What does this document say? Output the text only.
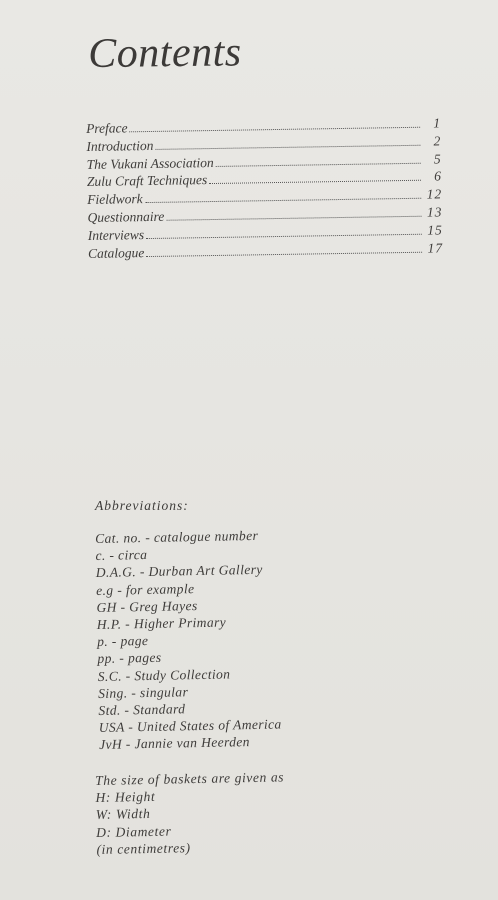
Contents
Preface	1
Introduction	2
The Vukani Association	5
Zulu Craft Techniques	6
Fieldwork	12
Questionnaire	13
Interviews	15
Catalogue	17
Abbreviations:
Cat. no. - catalogue number
c. - circa
D.A.G. - Durban Art Gallery
e.g - for example
GH - Greg Hayes
H.P. - Higher Primary
p. - page
pp. - pages
S.C. - Study Collection
Sing. - singular
Std. - Standard
USA - United States of America
JvH - Jannie van Heerden
The size of baskets are given as
H: Height
W: Width
D: Diameter
(in centimetres)
